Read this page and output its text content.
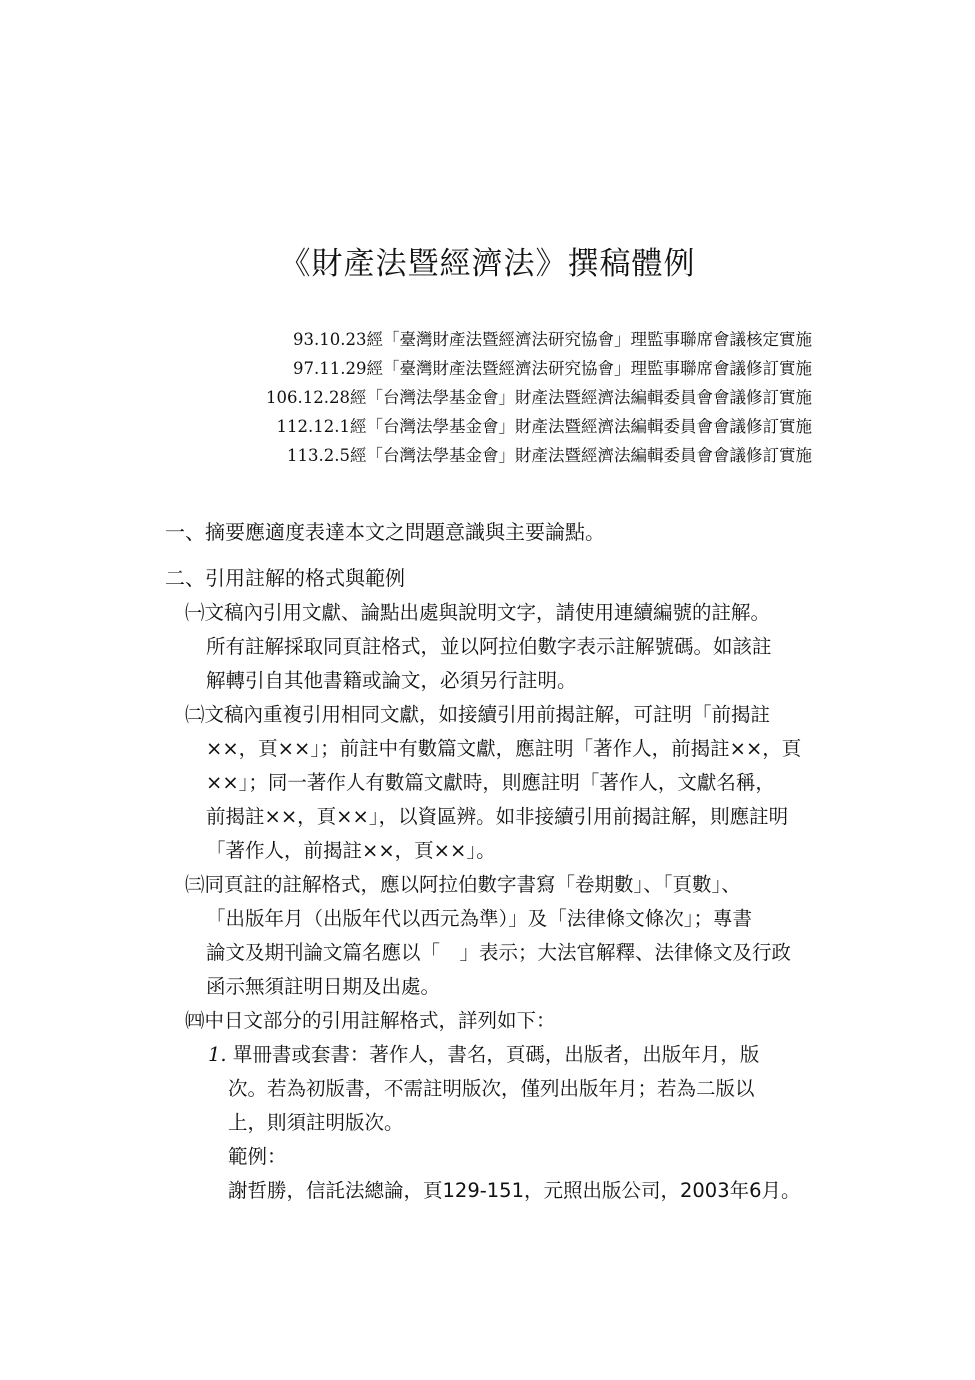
《財產法暨經濟法》撰稿體例
93.10.23經「臺灣財產法暨經濟法研究協會」理監事聯席會議核定實施
97.11.29經「臺灣財產法暨經濟法研究協會」理監事聯席會議修訂實施
106.12.28經「台灣法學基金會」財產法暨經濟法編輯委員會會議修訂實施
112.12.1經「台灣法學基金會」財產法暨經濟法編輯委員會會議修訂實施
113.2.5經「台灣法學基金會」財產法暨經濟法編輯委員會會議修訂實施
一、摘要應適度表達本文之問題意識與主要論點。
二、引用註解的格式與範例
㈠文稿內引用文獻、論點出處與說明文字，請使用連續編號的註解。
所有註解採取同頁註格式，並以阿拉伯數字表示註解號碼。如該註
解轉引自其他書籍或論文，必須另行註明。
㈡文稿內重複引用相同文獻，如接續引用前揭註解，可註明「前揭註
××，頁××」；前註中有數篇文獻，應註明「著作人，前揭註××，頁
××」；同一著作人有數篇文獻時，則應註明「著作人，文獻名稱，
前揭註××，頁××」，以資區辨。如非接續引用前揭註解，則應註明
「著作人，前揭註××，頁××」。
㈢同頁註的註解格式，應以阿拉伯數字書寫「卷期數」、「頁數」、
「出版年月（出版年代以西元為準）」及「法律條文條次」；專書
論文及期刊論文篇名應以「　」表示；大法官解釋、法律條文及行政
函示無須註明日期及出處。
㈣中日文部分的引用註解格式，詳列如下：
1. 單冊書或套書：著作人，書名，頁碼，出版者，出版年月，版
次。若為初版書，不需註明版次，僅列出版年月；若為二版以
上，則須註明版次。
範例：
謝哲勝，信託法總論，頁129-151，元照出版公司，2003年6月。
